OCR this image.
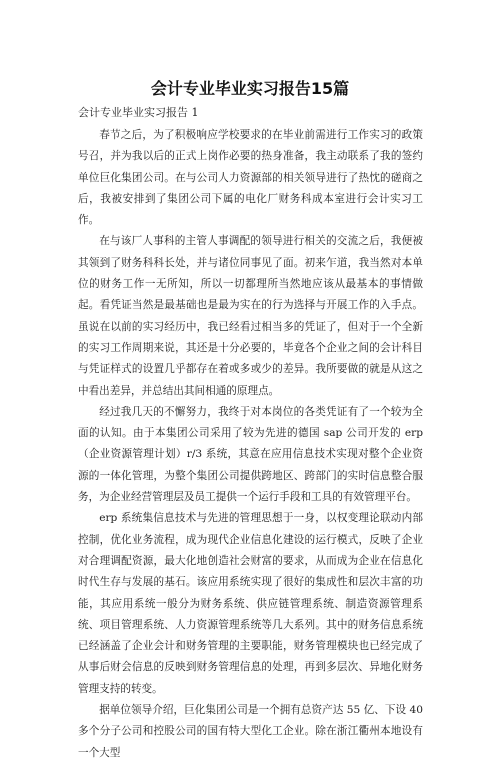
会计专业毕业实习报告15篇
会计专业毕业实习报告 1

春节之后，为了积极响应学校要求的在毕业前需进行工作实习的政策号召，并为我以后的正式上岗作必要的热身准备，我主动联系了我的签约单位巨化集团公司。在与公司人力资源部的相关领导进行了热忱的磋商之后，我被安排到了集团公司下属的电化厂财务科成本室进行会计实习工作。

在与该厂人事科的主管人事调配的领导进行相关的交流之后，我便被其领到了财务科科长处，并与诸位同事见了面。初来乍道，我当然对本单位的财务工作一无所知，所以一切都理所当然地应该从最基本的事情做起。看凭证当然是最基础也是最为实在的行为选择与开展工作的入手点。虽说在以前的实习经历中，我已经看过相当多的凭证了，但对于一个全新的实习工作周期来说，其还是十分必要的，毕竟各个企业之间的会计科目与凭证样式的设置几乎都存在着或多或少的差异。我所要做的就是从这之中看出差异，并总结出其间相通的原理点。

经过我几天的不懈努力，我终于对本岗位的各类凭证有了一个较为全面的认知。由于本集团公司采用了较为先进的德国 sap 公司开发的 erp（企业资源管理计划）r/3 系统，其意在应用信息技术实现对整个企业资源的一体化管理，为整个集团公司提供跨地区、跨部门的实时信息整合服务，为企业经营管理层及员工提供一个运行手段和工具的有效管理平台。

erp 系统集信息技术与先进的管理思想于一身，以权变理论联动内部控制，优化业务流程，成为现代企业信息化建设的运行模式，反映了企业对合理调配资源，最大化地创造社会财富的要求，从而成为企业在信息化时代生存与发展的基石。该应用系统实现了很好的集成性和层次丰富的功能，其应用系统一般分为财务系统、供应链管理系统、制造资源管理系统、项目管理系统、人力资源管理系统等几大系列。其中的财务信息系统已经涵盖了企业会计和财务管理的主要职能，财务管理模块也已经完成了从事后财会信息的反映到财务管理信息的处理，再到多层次、异地化财务管理支持的转变。

据单位领导介绍，巨化集团公司是一个拥有总资产达 55 亿、下设 40 多个分子公司和控股公司的国有特大型化工企业。除在浙江衢州本地设有一个大型
